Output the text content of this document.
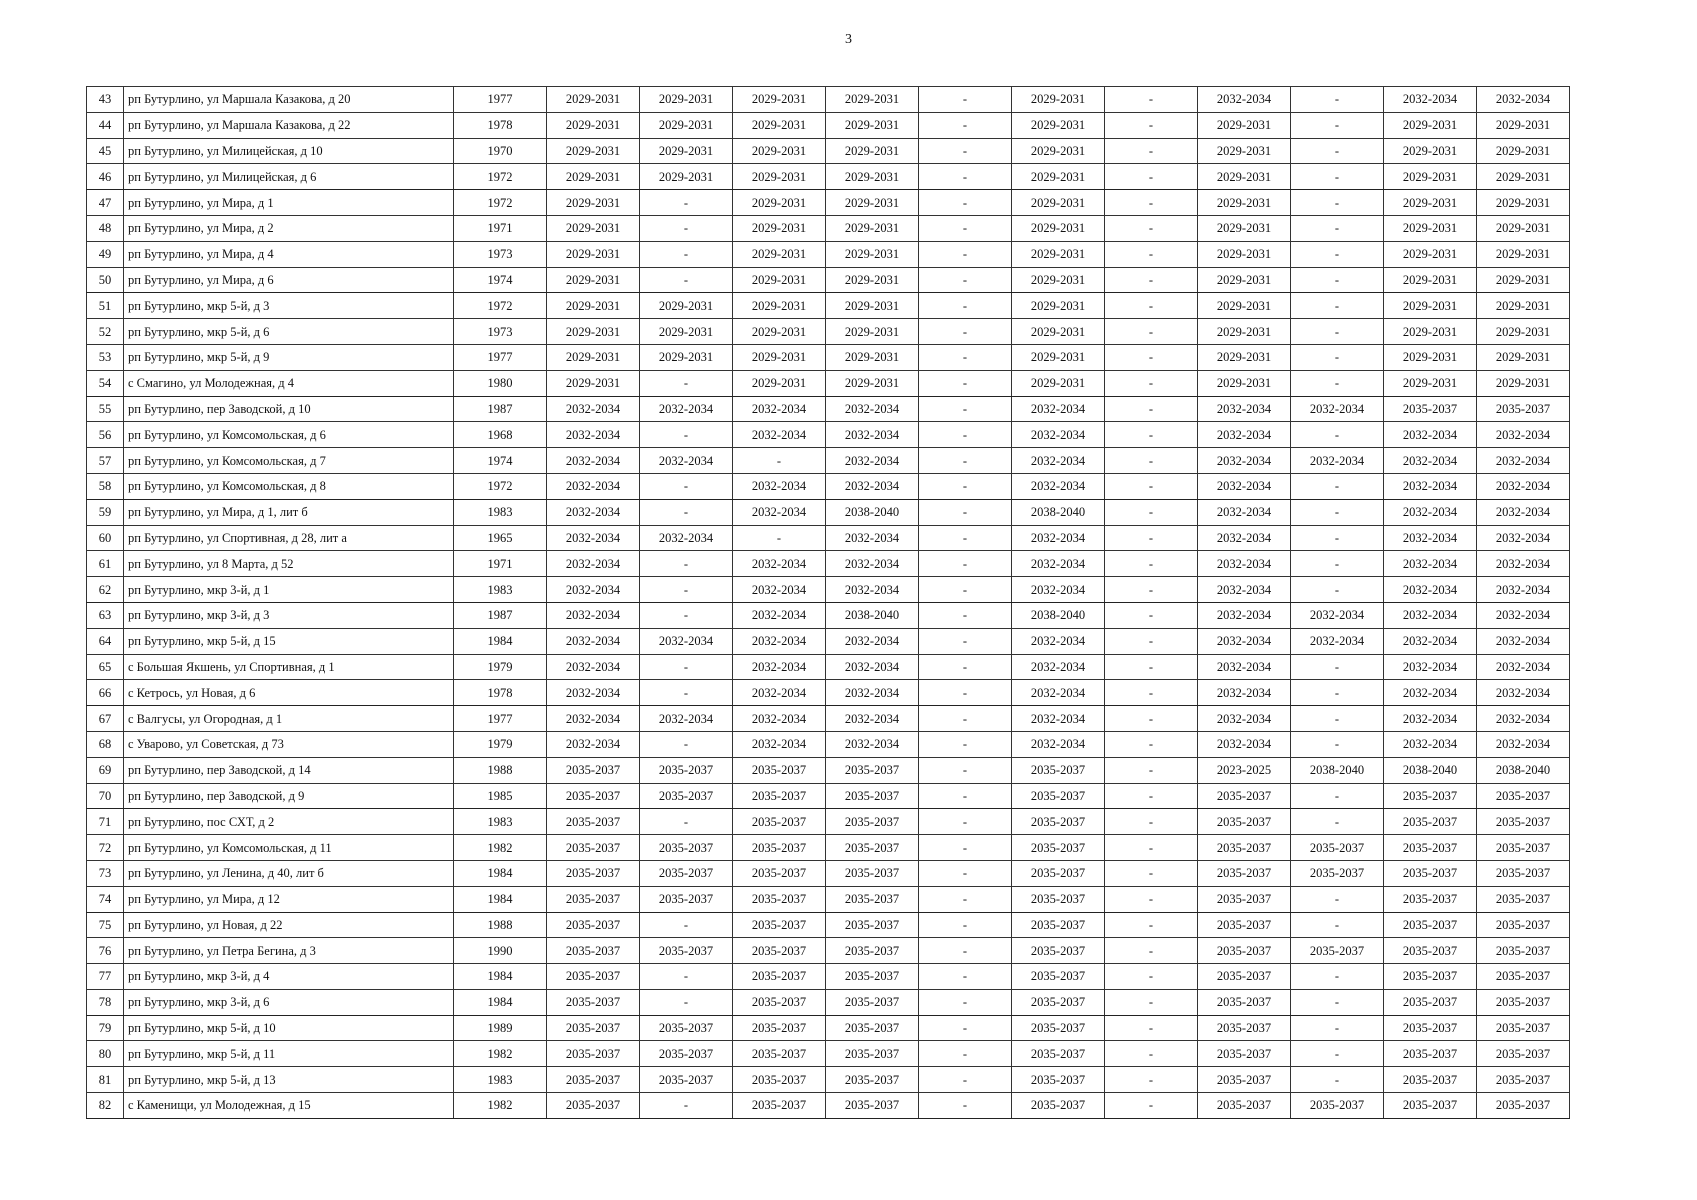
3
43	рп Бутурлино, ул Маршала Казакова, д 20	1977	2029-2031	2029-2031	2029-2031	2029-2031	-	2029-2031	-	2032-2034	-	2032-2034	2032-2034
44	рп Бутурлино, ул Маршала Казакова, д 22	1978	2029-2031	2029-2031	2029-2031	2029-2031	-	2029-2031	-	2029-2031	-	2029-2031	2029-2031
45	рп Бутурлино, ул Милицейская, д 10	1970	2029-2031	2029-2031	2029-2031	2029-2031	-	2029-2031	-	2029-2031	-	2029-2031	2029-2031
46	рп Бутурлино, ул Милицейская, д 6	1972	2029-2031	2029-2031	2029-2031	2029-2031	-	2029-2031	-	2029-2031	-	2029-2031	2029-2031
47	рп Бутурлино, ул Мира, д 1	1972	2029-2031	-	2029-2031	2029-2031	-	2029-2031	-	2029-2031	-	2029-2031	2029-2031
48	рп Бутурлино, ул Мира, д 2	1971	2029-2031	-	2029-2031	2029-2031	-	2029-2031	-	2029-2031	-	2029-2031	2029-2031
49	рп Бутурлино, ул Мира, д 4	1973	2029-2031	-	2029-2031	2029-2031	-	2029-2031	-	2029-2031	-	2029-2031	2029-2031
50	рп Бутурлино, ул Мира, д 6	1974	2029-2031	-	2029-2031	2029-2031	-	2029-2031	-	2029-2031	-	2029-2031	2029-2031
51	рп Бутурлино, мкр 5-й, д 3	1972	2029-2031	2029-2031	2029-2031	2029-2031	-	2029-2031	-	2029-2031	-	2029-2031	2029-2031
52	рп Бутурлино, мкр 5-й, д 6	1973	2029-2031	2029-2031	2029-2031	2029-2031	-	2029-2031	-	2029-2031	-	2029-2031	2029-2031
53	рп Бутурлино, мкр 5-й, д 9	1977	2029-2031	2029-2031	2029-2031	2029-2031	-	2029-2031	-	2029-2031	-	2029-2031	2029-2031
54	с Смагино, ул Молодежная, д 4	1980	2029-2031	-	2029-2031	2029-2031	-	2029-2031	-	2029-2031	-	2029-2031	2029-2031
55	рп Бутурлино, пер Заводской, д 10	1987	2032-2034	2032-2034	2032-2034	2032-2034	-	2032-2034	-	2032-2034	2032-2034	2035-2037	2035-2037
56	рп Бутурлино, ул Комсомольская, д 6	1968	2032-2034	-	2032-2034	2032-2034	-	2032-2034	-	2032-2034	-	2032-2034	2032-2034
57	рп Бутурлино, ул Комсомольская, д 7	1974	2032-2034	2032-2034	-	2032-2034	-	2032-2034	-	2032-2034	2032-2034	2032-2034	2032-2034
58	рп Бутурлино, ул Комсомольская, д 8	1972	2032-2034	-	2032-2034	2032-2034	-	2032-2034	-	2032-2034	-	2032-2034	2032-2034
59	рп Бутурлино, ул Мира, д 1, лит б	1983	2032-2034	-	2032-2034	2038-2040	-	2038-2040	-	2032-2034	-	2032-2034	2032-2034
60	рп Бутурлино, ул Спортивная, д 28, лит а	1965	2032-2034	2032-2034	-	2032-2034	-	2032-2034	-	2032-2034	-	2032-2034	2032-2034
61	рп Бутурлино, ул 8 Марта, д 52	1971	2032-2034	-	2032-2034	2032-2034	-	2032-2034	-	2032-2034	-	2032-2034	2032-2034
62	рп Бутурлино, мкр 3-й, д 1	1983	2032-2034	-	2032-2034	2032-2034	-	2032-2034	-	2032-2034	-	2032-2034	2032-2034
63	рп Бутурлино, мкр 3-й, д 3	1987	2032-2034	-	2032-2034	2038-2040	-	2038-2040	-	2032-2034	2032-2034	2032-2034	2032-2034
64	рп Бутурлино, мкр 5-й, д 15	1984	2032-2034	2032-2034	2032-2034	2032-2034	-	2032-2034	-	2032-2034	2032-2034	2032-2034	2032-2034
65	с Большая Якшень, ул Спортивная, д 1	1979	2032-2034	-	2032-2034	2032-2034	-	2032-2034	-	2032-2034	-	2032-2034	2032-2034
66	с Кетрось, ул Новая, д 6	1978	2032-2034	-	2032-2034	2032-2034	-	2032-2034	-	2032-2034	-	2032-2034	2032-2034
67	с Валгусы, ул Огородная, д 1	1977	2032-2034	2032-2034	2032-2034	2032-2034	-	2032-2034	-	2032-2034	-	2032-2034	2032-2034
68	с Уварово, ул Советская, д 73	1979	2032-2034	-	2032-2034	2032-2034	-	2032-2034	-	2032-2034	-	2032-2034	2032-2034
69	рп Бутурлино, пер Заводской, д 14	1988	2035-2037	2035-2037	2035-2037	2035-2037	-	2035-2037	-	2023-2025	2038-2040	2038-2040	2038-2040
70	рп Бутурлино, пер Заводской, д 9	1985	2035-2037	2035-2037	2035-2037	2035-2037	-	2035-2037	-	2035-2037	-	2035-2037	2035-2037
71	рп Бутурлино, пос СХТ, д 2	1983	2035-2037	-	2035-2037	2035-2037	-	2035-2037	-	2035-2037	-	2035-2037	2035-2037
72	рп Бутурлино, ул Комсомольская, д 11	1982	2035-2037	2035-2037	2035-2037	2035-2037	-	2035-2037	-	2035-2037	2035-2037	2035-2037	2035-2037
73	рп Бутурлино, ул Ленина, д 40, лит б	1984	2035-2037	2035-2037	2035-2037	2035-2037	-	2035-2037	-	2035-2037	2035-2037	2035-2037	2035-2037
74	рп Бутурлино, ул Мира, д 12	1984	2035-2037	2035-2037	2035-2037	2035-2037	-	2035-2037	-	2035-2037	-	2035-2037	2035-2037
75	рп Бутурлино, ул Новая, д 22	1988	2035-2037	-	2035-2037	2035-2037	-	2035-2037	-	2035-2037	-	2035-2037	2035-2037
76	рп Бутурлино, ул Петра Бегина, д 3	1990	2035-2037	2035-2037	2035-2037	2035-2037	-	2035-2037	-	2035-2037	2035-2037	2035-2037	2035-2037
77	рп Бутурлино, мкр 3-й, д 4	1984	2035-2037	-	2035-2037	2035-2037	-	2035-2037	-	2035-2037	-	2035-2037	2035-2037
78	рп Бутурлино, мкр 3-й, д 6	1984	2035-2037	-	2035-2037	2035-2037	-	2035-2037	-	2035-2037	-	2035-2037	2035-2037
79	рп Бутурлино, мкр 5-й, д 10	1989	2035-2037	2035-2037	2035-2037	2035-2037	-	2035-2037	-	2035-2037	-	2035-2037	2035-2037
80	рп Бутурлино, мкр 5-й, д 11	1982	2035-2037	2035-2037	2035-2037	2035-2037	-	2035-2037	-	2035-2037	-	2035-2037	2035-2037
81	рп Бутурлино, мкр 5-й, д 13	1983	2035-2037	2035-2037	2035-2037	2035-2037	-	2035-2037	-	2035-2037	-	2035-2037	2035-2037
82	с Каменищи, ул Молодежная, д 15	1982	2035-2037	-	2035-2037	2035-2037	-	2035-2037	-	2035-2037	2035-2037	2035-2037	2035-2037
